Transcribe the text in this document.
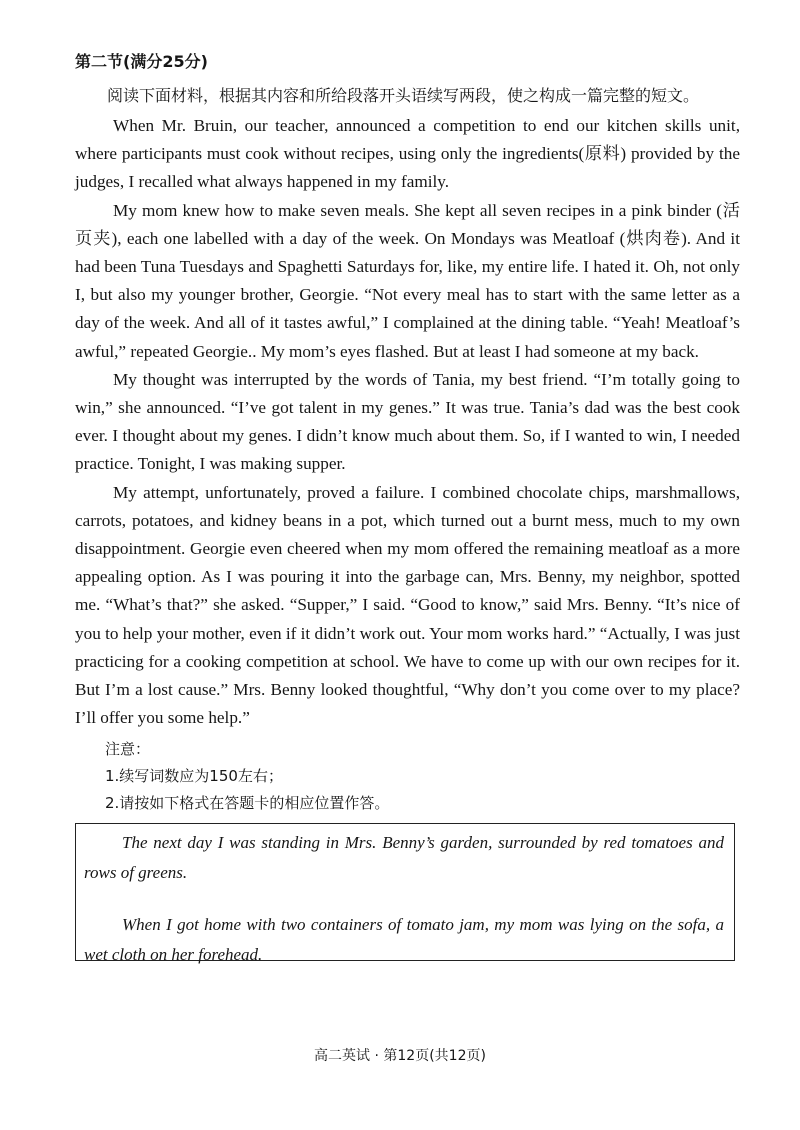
第二节(满分25分)

阅读下面材料，根据其内容和所给段落开头语续写两段，使之构成一篇完整的短文。

When Mr. Bruin, our teacher, announced a competition to end our kitchen skills unit, where participants must cook without recipes, using only the ingredients(原料) provided by the judges, I recalled what always happened in my family.

My mom knew how to make seven meals. She kept all seven recipes in a pink binder (活页夹), each one labelled with a day of the week. On Mondays was Meatloaf (烘肉卷). And it had been Tuna Tuesdays and Spaghetti Saturdays for, like, my entire life. I hated it. Oh, not only I, but also my younger brother, Georgie. “Not every meal has to start with the same letter as a day of the week. And all of it tastes awful,” I complained at the dining table. “Yeah! Meatloaf’s awful,” repeated Georgie.. My mom’s eyes flashed. But at least I had someone at my back.

My thought was interrupted by the words of Tania, my best friend. “I’m totally going to win,” she announced. “I’ve got talent in my genes.” It was true. Tania’s dad was the best cook ever. I thought about my genes. I didn’t know much about them. So, if I wanted to win, I needed practice. Tonight, I was making supper.

My attempt, unfortunately, proved a failure. I combined chocolate chips, marshmallows, carrots, potatoes, and kidney beans in a pot, which turned out a burnt mess, much to my own disappointment. Georgie even cheered when my mom offered the remaining meatloaf as a more appealing option. As I was pouring it into the garbage can, Mrs. Benny, my neighbor, spotted me. “What’s that?” she asked. “Supper,” I said. “Good to know,” said Mrs. Benny. “It’s nice of you to help your mother, even if it didn’t work out. Your mom works hard.” “Actually, I was just practicing for a cooking competition at school. We have to come up with our own recipes for it. But I’m a lost cause.” Mrs. Benny looked thoughtful, “Why don’t you come over to my place? I’ll offer you some help.”

注意：
1.续写词数应为150左右；
2.请按如下格式在答题卡的相应位置作答。

The next day I was standing in Mrs. Benny’s garden, surrounded by red tomatoes and rows of greens.

When I got home with two containers of tomato jam, my mom was lying on the sofa, a wet cloth on her forehead.

高二英试 · 第12页(共12页)
